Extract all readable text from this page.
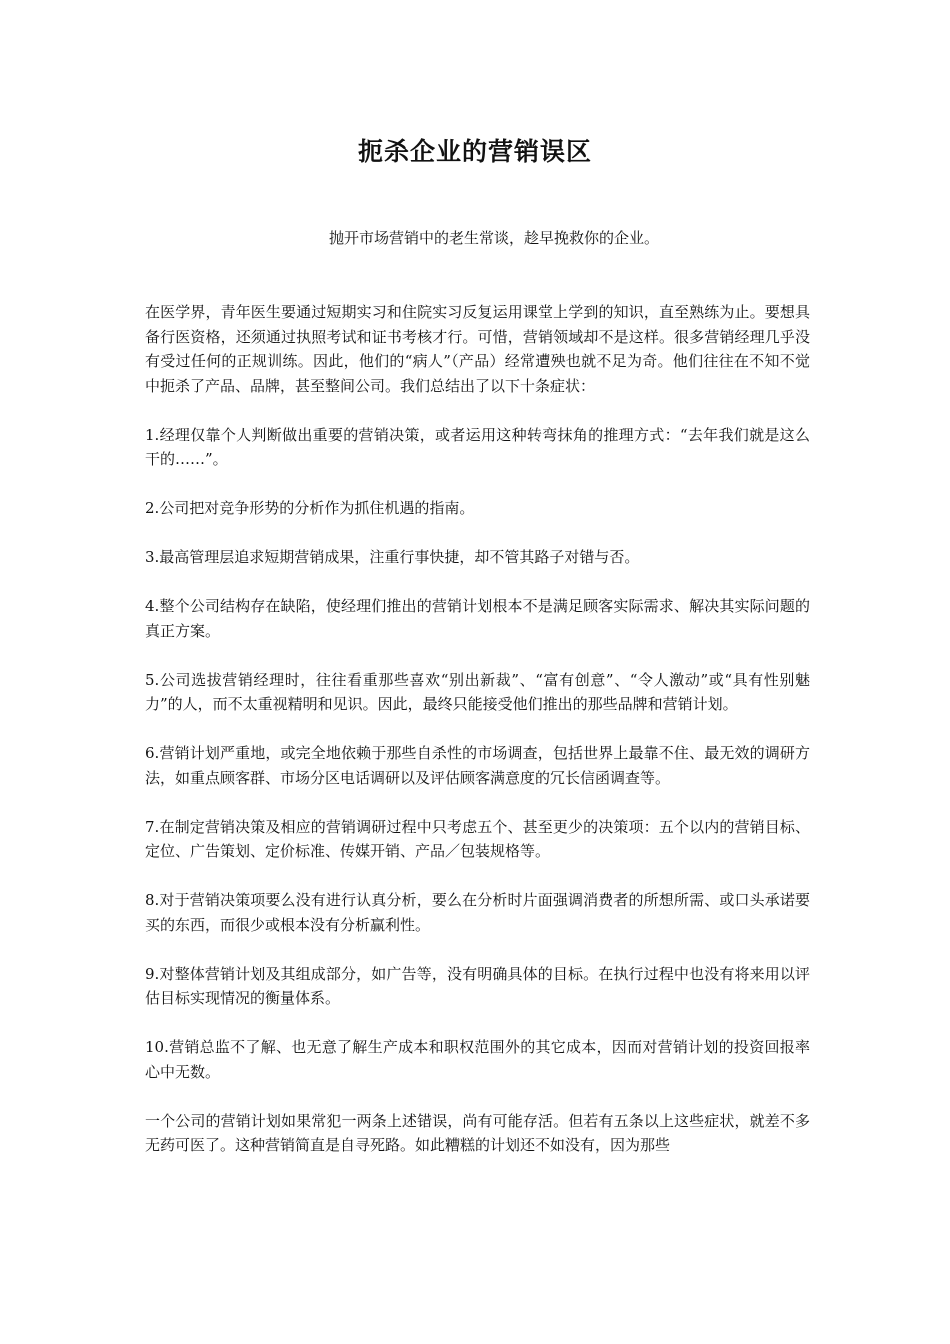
扼杀企业的营销误区
抛开市场营销中的老生常谈，趁早挽救你的企业。

在医学界，青年医生要通过短期实习和住院实习反复运用课堂上学到的知识，直至熟练为止。要想具备行医资格，还须通过执照考试和证书考核才行。可惜，营销领域却不是这样。很多营销经理几乎没有受过任何的正规训练。因此，他们的“病人”（产品）经常遭殃也就不足为奇。他们往往在不知不觉中扼杀了产品、品牌，甚至整间公司。我们总结出了以下十条症状：

1.经理仅靠个人判断做出重要的营销决策，或者运用这种转弯抹角的推理方式：“去年我们就是这么干的……”。

2.公司把对竞争形势的分析作为抓住机遇的指南。

3.最高管理层追求短期营销成果，注重行事快捷，却不管其路子对错与否。

4.整个公司结构存在缺陷，使经理们推出的营销计划根本不是满足顾客实际需求、解决其实际问题的真正方案。

5.公司选拔营销经理时，往往看重那些喜欢“别出新裁”、“富有创意”、“令人激动”或“具有性别魅力”的人，而不太重视精明和见识。因此，最终只能接受他们推出的那些品牌和营销计划。

6.营销计划严重地，或完全地依赖于那些自杀性的市场调查，包括世界上最靠不住、最无效的调研方法，如重点顾客群、市场分区电话调研以及评估顾客满意度的冗长信函调查等。

7.在制定营销决策及相应的营销调研过程中只考虑五个、甚至更少的决策项：五个以内的营销目标、定位、广告策划、定价标准、传媒开销、产品／包装规格等。

8.对于营销决策项要么没有进行认真分析，要么在分析时片面强调消费者的所想所需、或口头承诺要买的东西，而很少或根本没有分析赢利性。

9.对整体营销计划及其组成部分，如广告等，没有明确具体的目标。在执行过程中也没有将来用以评估目标实现情况的衡量体系。

10.营销总监不了解、也无意了解生产成本和职权范围外的其它成本，因而对营销计划的投资回报率心中无数。

一个公司的营销计划如果常犯一两条上述错误，尚有可能存活。但若有五条以上这些症状，就差不多无药可医了。这种营销简直是自寻死路。如此糟糕的计划还不如没有，因为那些
